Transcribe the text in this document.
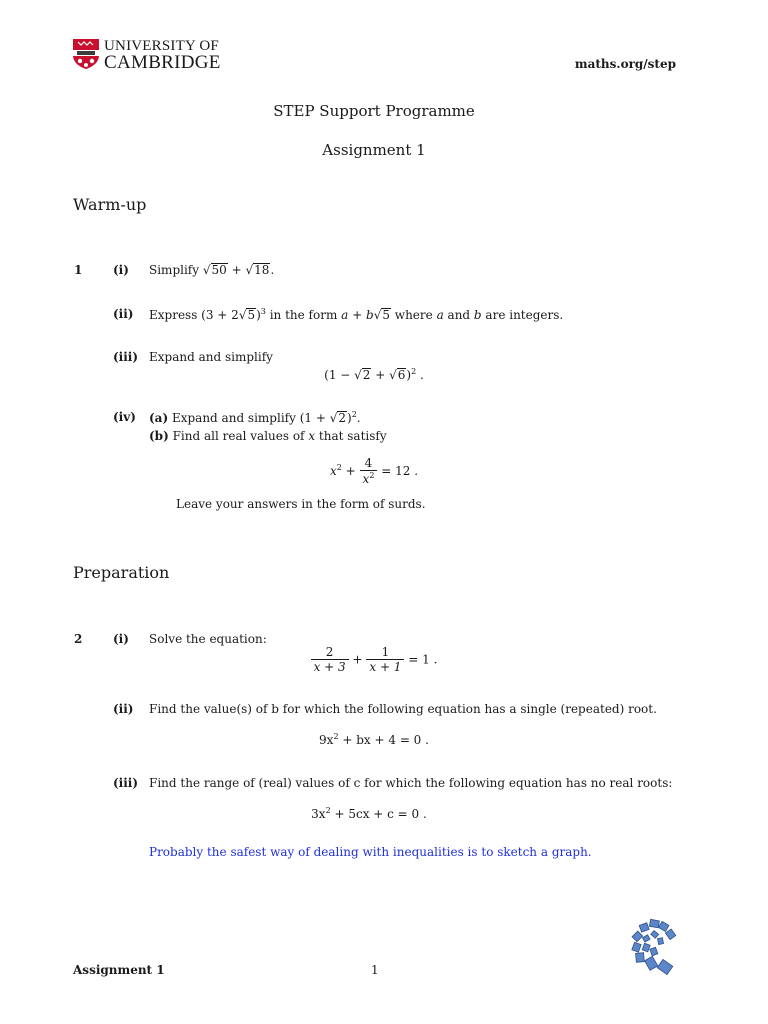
UNIVERSITY OF
CAMBRIDGE	maths.org/step
STEP Support Programme
Assignment 1
Warm-up
1	(i) Simplify √50 + √18.
(ii) Express $(3 + 2√5)^3$ in the form a + b√5 where a and b are integers.
(iii) Expand and simplify
$(1 - √2 + √6)^2$ .
(iv) (a) Expand and simplify $(1 + √2)^2$.
(b) Find all real values of x that satisfy
$x^2 + \frac{4}{x^2} = 12$ .
Leave your answers in the form of surds.
Preparation
2	(i) Solve the equation:
$\frac{2}{x + 3} + \frac{1}{x + 1} = 1$ .
(ii) Find the value(s) of b for which the following equation has a single (repeated) root.
$9x^2$ + bx + 4 = 0 .
(iii) Find the range of (real) values of c for which the following equation has no real roots:
$3x^2 + 5cx + c = 0$ .
Probably the safest way of dealing with inequalities is to sketch a graph.
Assignment 1	1
